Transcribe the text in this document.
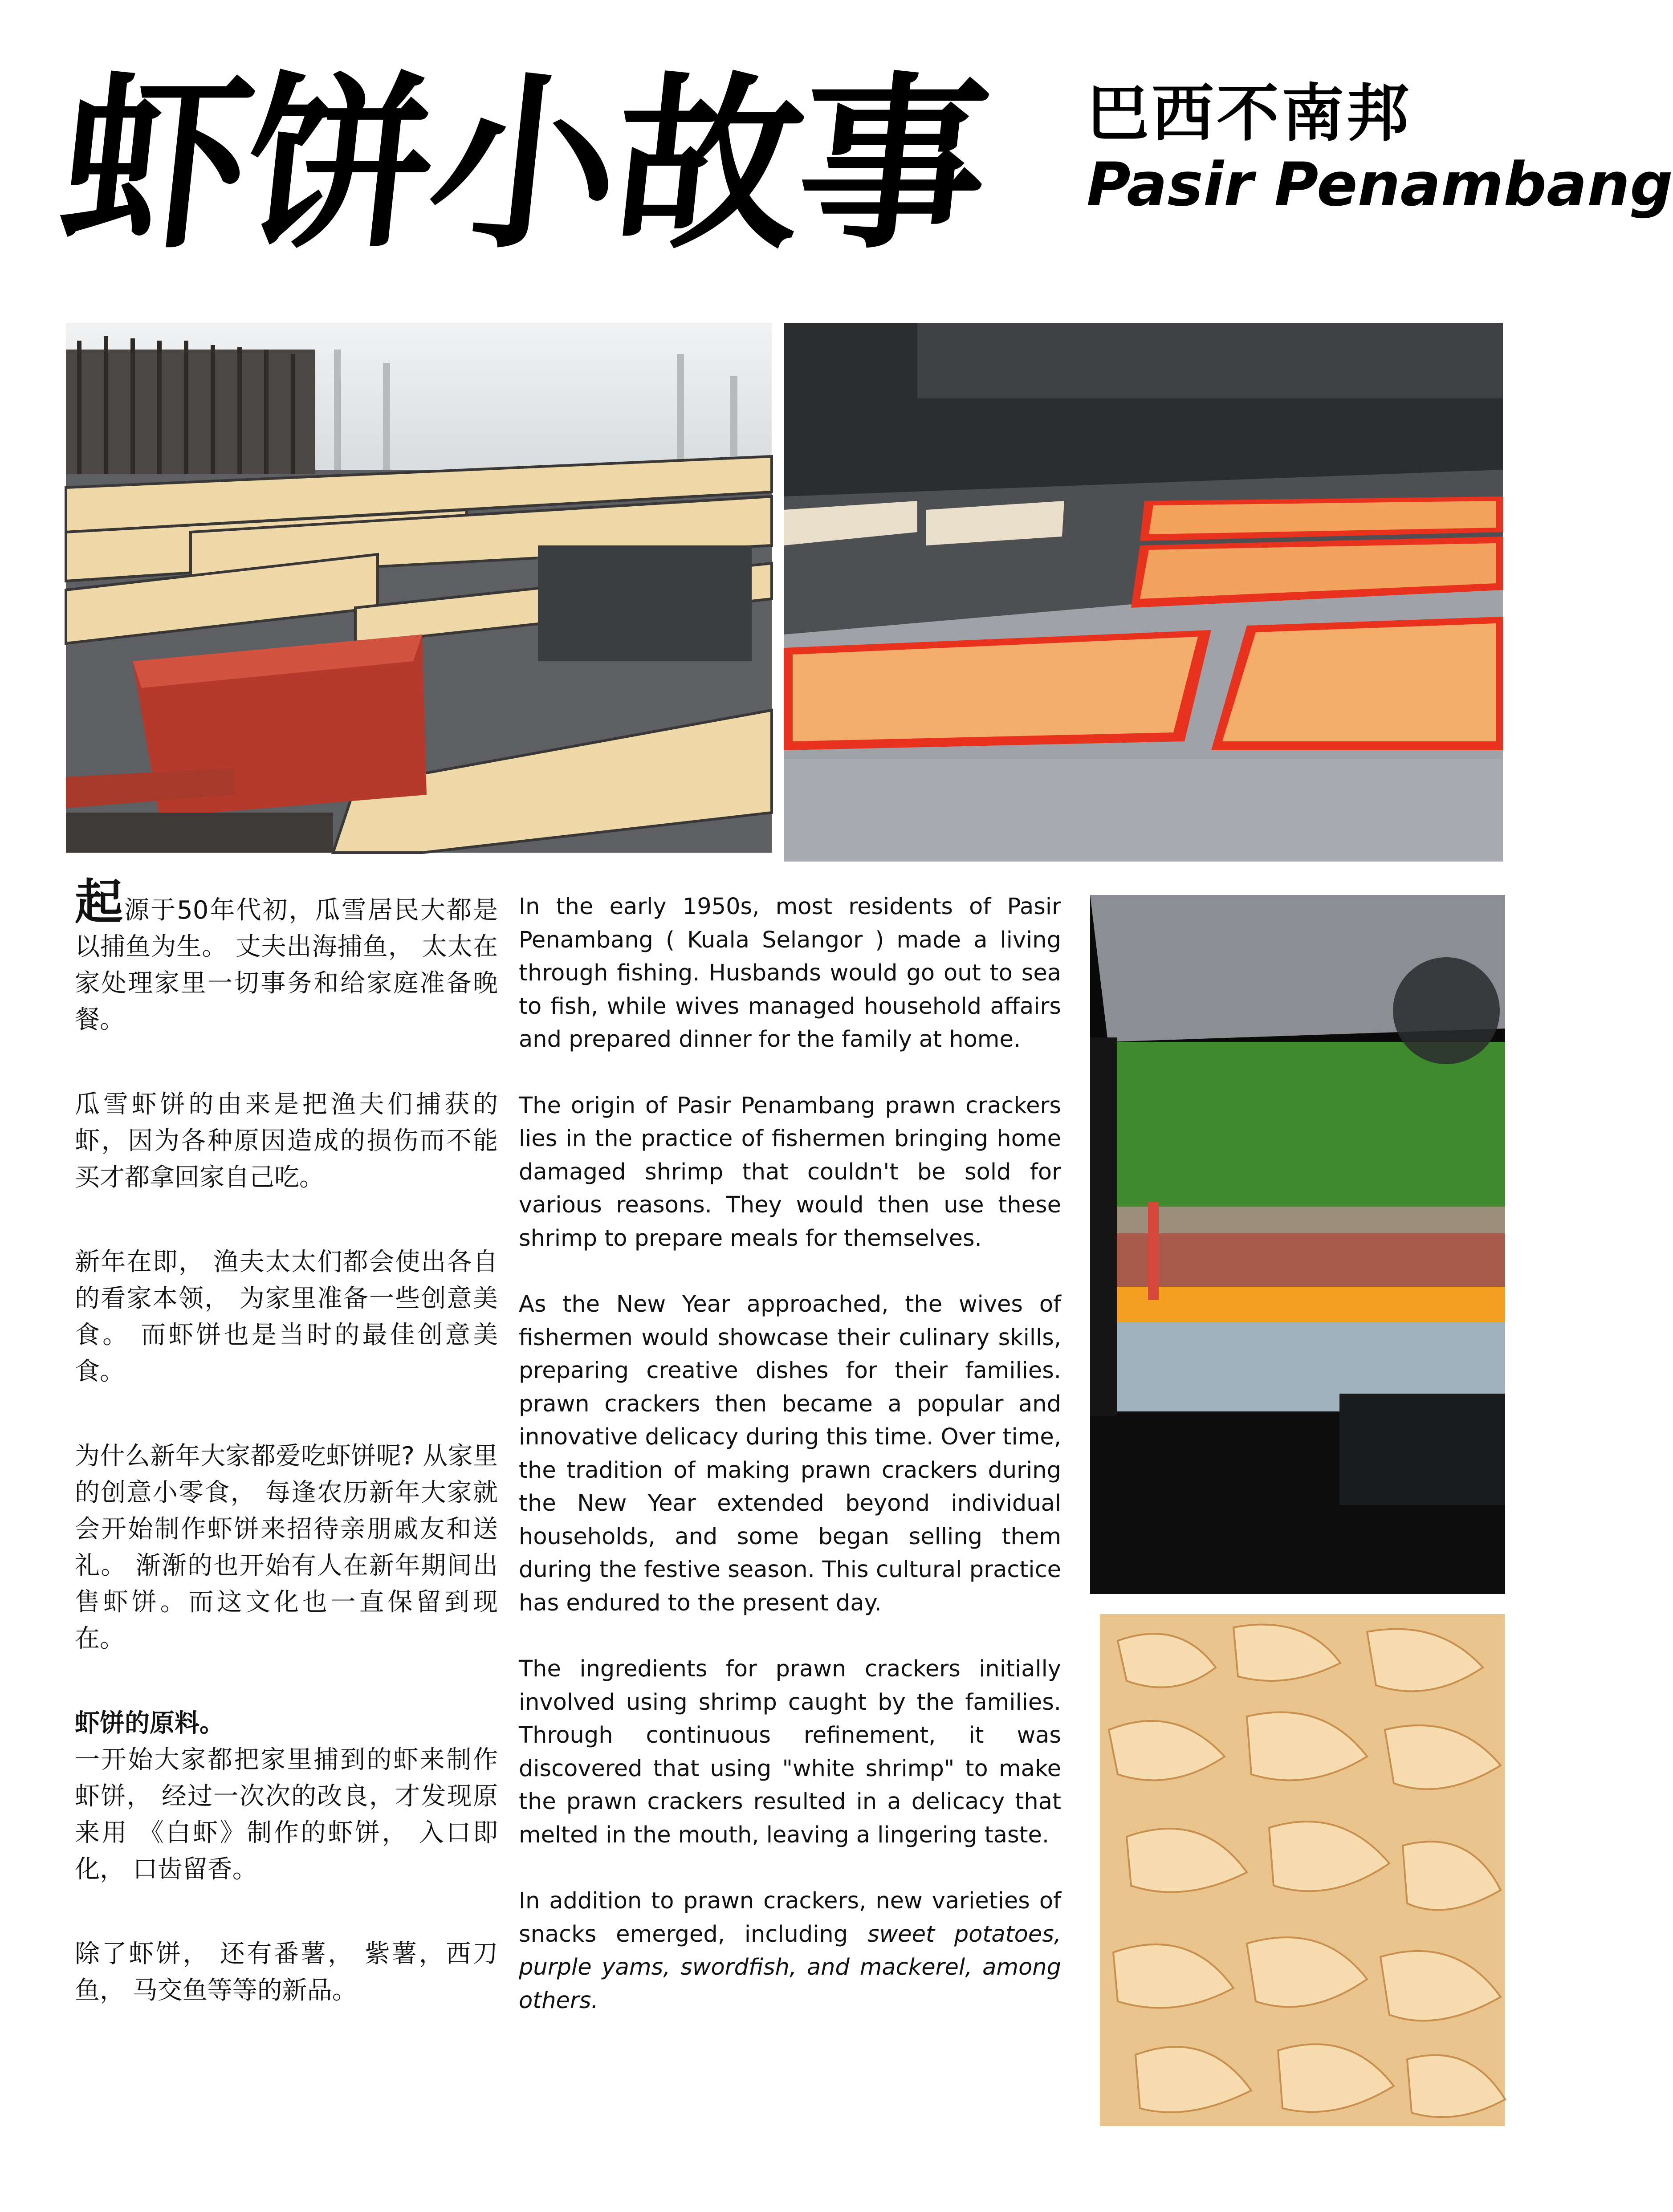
虾饼小故事 巴西不南邦
Pasir Penambang

起源于50年代初，瓜雪居民大都是以捕鱼为生。 丈夫出海捕鱼， 太太在家处理家里一切事务和给家庭准备晚餐。

瓜雪虾饼的由来是把渔夫们捕获的虾，因为各种原因造成的损伤而不能买才都拿回家自己吃。

新年在即， 渔夫太太们都会使出各自的看家本领， 为家里准备一些创意美食。 而虾饼也是当时的最佳创意美食。

为什么新年大家都爱吃虾饼呢? 从家里的创意小零食， 每逢农历新年大家就会开始制作虾饼来招待亲朋戚友和送礼。 渐渐的也开始有人在新年期间出售虾饼。而这文化也一直保留到现在。

虾饼的原料。
一开始大家都把家里捕到的虾来制作虾饼， 经过一次次的改良，才发现原来用 《白虾》制作的虾饼， 入口即化， 口齿留香。

除了虾饼， 还有番薯， 紫薯，西刀鱼， 马交鱼等等的新品。

In the early 1950s, most residents of Pasir Penambang ( Kuala Selangor ) made a living through fishing. Husbands would go out to sea to fish, while wives managed household affairs and prepared dinner for the family at home.

The origin of Pasir Penambang prawn crackers lies in the practice of fishermen bringing home damaged shrimp that couldn't be sold for various reasons. They would then use these shrimp to prepare meals for themselves.

As the New Year approached, the wives of fishermen would showcase their culinary skills, preparing creative dishes for their families. prawn crackers then became a popular and innovative delicacy during this time. Over time, the tradition of making prawn crackers during the New Year extended beyond individual households, and some began selling them during the festive season. This cultural practice has endured to the present day.

The ingredients for prawn crackers initially involved using shrimp caught by the families. Through continuous refinement, it was discovered that using "white shrimp" to make the prawn crackers resulted in a delicacy that melted in the mouth, leaving a lingering taste.

In addition to prawn crackers, new varieties of snacks emerged, including sweet potatoes, purple yams, swordfish, and mackerel, among others.
